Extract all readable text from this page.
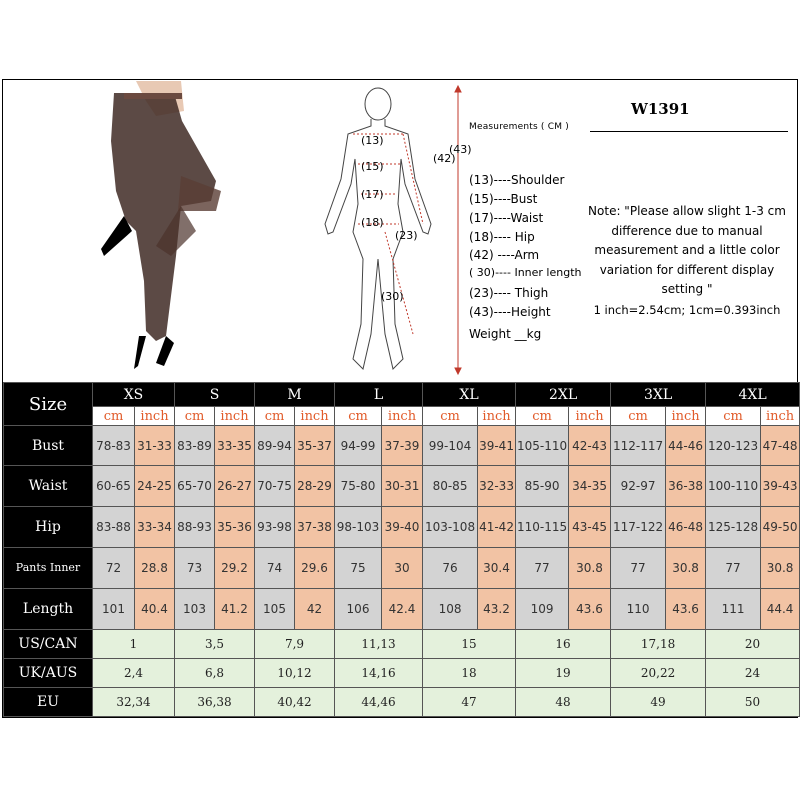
(13)
(15)
(17)
(18)
(23)
(30)
(42)
(43)
W1391
Measurements ( CM )
(13)----Shoulder
(15)----Bust
(17)----Waist
(18)---- Hip
(42) ----Arm
( 30)---- Inner length
(23)---- Thigh
(43)----Height
Weight __kg
Note: "Please allow slight 1-3 cm difference due to manual measurement and a little color variation for different display setting "
1 inch=2.54cm; 1cm=0.393inch
Size	XS		S		M		L		XL		2XL		3XL		4XL	
	cm	inch	cm	inch	cm	inch	cm	inch	cm	inch	cm	inch	cm	inch	cm	inch
Bust	78-83	31-33	83-89	33-35	89-94	35-37	94-99	37-39	99-104	39-41	105-110	42-43	112-117	44-46	120-123	47-48
Waist	60-65	24-25	65-70	26-27	70-75	28-29	75-80	30-31	80-85	32-33	85-90	34-35	92-97	36-38	100-110	39-43
Hip	83-88	33-34	88-93	35-36	93-98	37-38	98-103	39-40	103-108	41-42	110-115	43-45	117-122	46-48	125-128	49-50
Pants Inner	72	28.8	73	29.2	74	29.6	75	30	76	30.4	77	30.8	77	30.8	77	30.8
Length	101	40.4	103	41.2	105	42	106	42.4	108	43.2	109	43.6	110	43.6	111	44.4
US/CAN	1		3,5		7,9		11,13		15		16		17,18		20	
UK/AUS	2,4		6,8		10,12		14,16		18		19		20,22		24	
EU	32,34		36,38		40,42		44,46		47		48		49		50	
